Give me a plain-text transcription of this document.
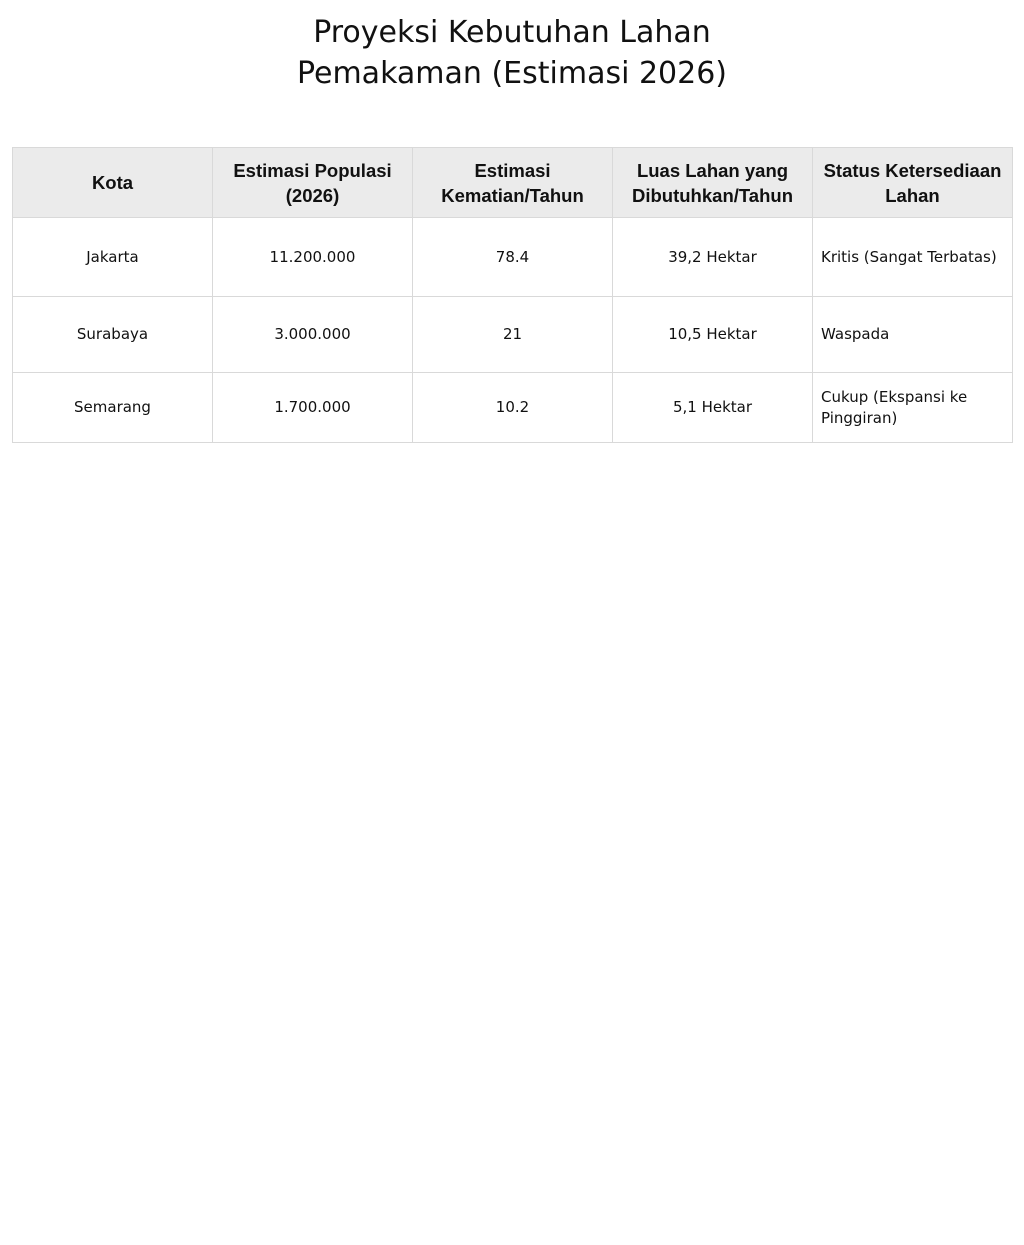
Proyeksi Kebutuhan Lahan
Pemakaman (Estimasi 2026)
Kota	Estimasi Populasi (2026)	Estimasi Kematian/Tahun	Luas Lahan yang Dibutuhkan/Tahun	Status Ketersediaan Lahan
Jakarta	11.200.000	78.4	39,2 Hektar	Kritis (Sangat Terbatas)
Surabaya	3.000.000	21	10,5 Hektar	Waspada
Semarang	1.700.000	10.2	5,1 Hektar	Cukup (Ekspansi ke Pinggiran)
